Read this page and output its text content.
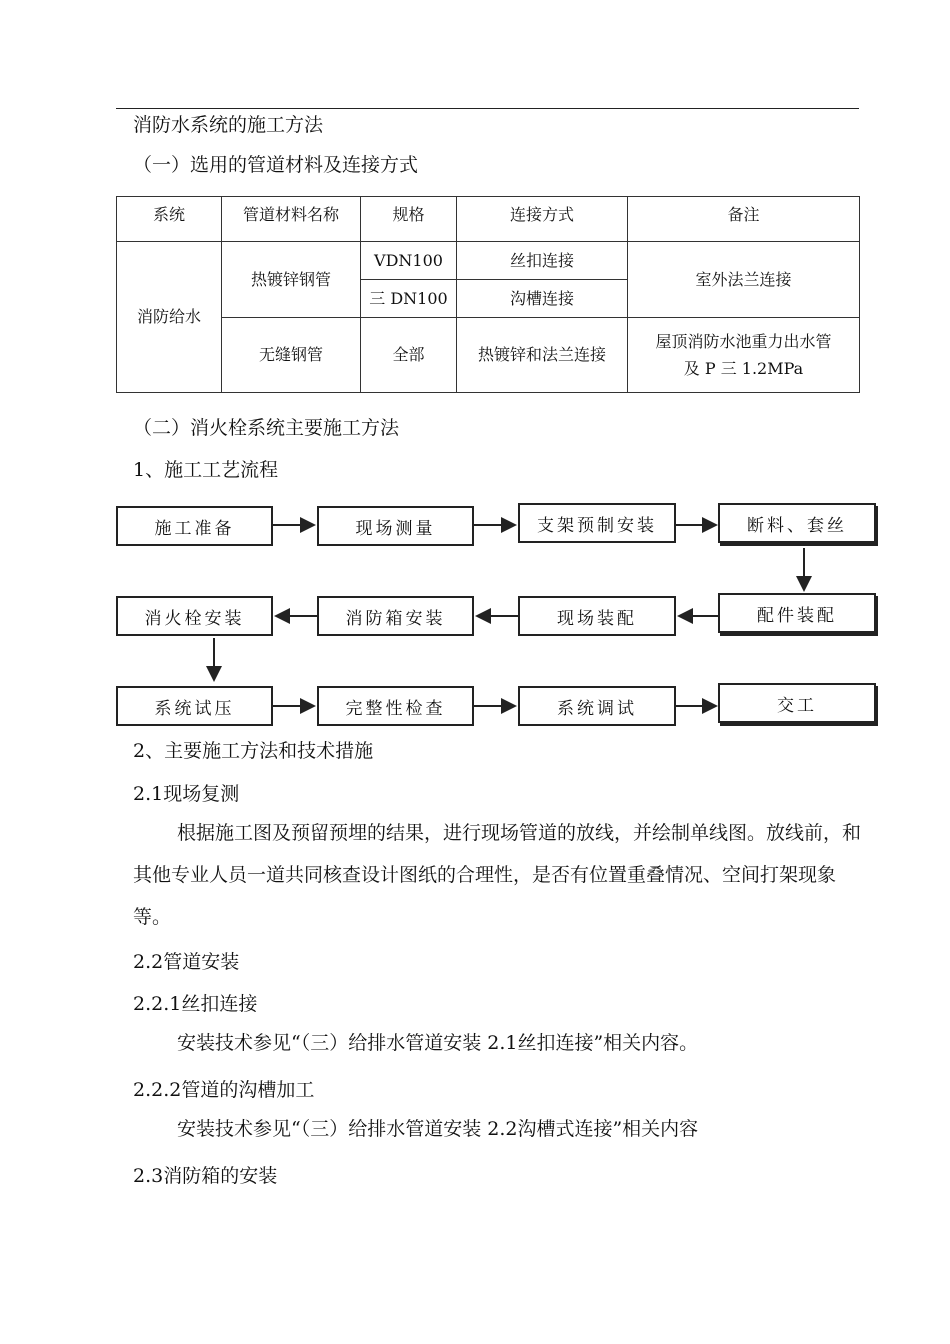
消防水系统的施工方法
（一）选用的管道材料及连接方式
系统	管道材料名称	规格	连接方式	备注
消防给水	热镀锌钢管	VDN100	丝扣连接	室外法兰连接
		三 DN100	沟槽连接	
	无缝钢管	全部	热镀锌和法兰连接	屋顶消防水池重力出水管
及 P 三 1.2MPa
（二）消火栓系统主要施工方法
1、施工工艺流程
施工准备	现场测量	支架预制安装	断料、套丝
消火栓安装	消防箱安装	现场装配	配件装配
系统试压	完整性检查	系统调试	交工
2、主要施工方法和技术措施
2.1现场复测
根据施工图及预留预埋的结果，进行现场管道的放线，并绘制单线图。放线前，和其他专业人员一道共同核查设计图纸的合理性，是否有位置重叠情况、空间打架现象等。
2.2管道安装
2.2.1丝扣连接
安装技术参见“（三）给排水管道安装 2.1丝扣连接”相关内容。
2.2.2管道的沟槽加工
安装技术参见“（三）给排水管道安装 2.2沟槽式连接”相关内容
2.3消防箱的安装
